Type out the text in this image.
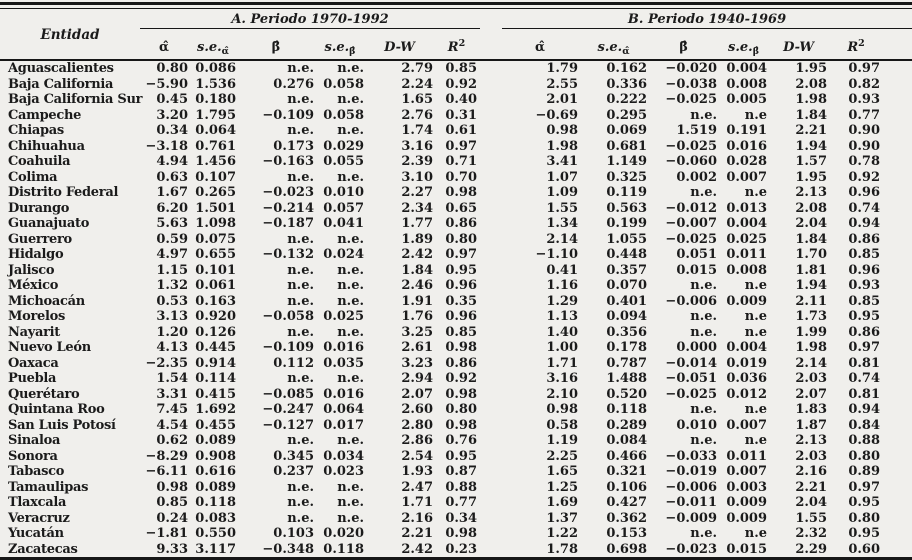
Entidad	A. Periodo 1970-1992							B. Periodo 1940-1969					
	α̂	$s.e._{\alphâ}$	β̂	$s.e._{\betâ}$	D-W	$R^2$		α̂	$s.e._{\alphâ}$	β̂	$s.e._{\betâ}$	D-W	$R^2$
Aguascalientes	0.80	0.086	n.e.	n.e.	2.79	0.85		1.79	0.162	−0.020	0.004	1.95	0.97
Baja California	−5.90	1.536	0.276	0.058	2.24	0.92		2.55	0.336	−0.038	0.008	2.08	0.82
Baja California Sur	0.45	0.180	n.e.	n.e.	1.65	0.40		2.01	0.222	−0.025	0.005	1.98	0.93
Campeche	3.20	1.795	−0.109	0.058	2.76	0.31		−0.69	0.295	n.e.	n.e	1.84	0.77
Chiapas	0.34	0.064	n.e.	n.e.	1.74	0.61		0.98	0.069	1.519	0.191	2.21	0.90
Chihuahua	−3.18	0.761	0.173	0.029	3.16	0.97		1.98	0.681	−0.025	0.016	1.94	0.90
Coahuila	4.94	1.456	−0.163	0.055	2.39	0.71		3.41	1.149	−0.060	0.028	1.57	0.78
Colima	0.63	0.107	n.e.	n.e.	3.10	0.70		1.07	0.325	0.002	0.007	1.95	0.92
Distrito Federal	1.67	0.265	−0.023	0.010	2.27	0.98		1.09	0.119	n.e.	n.e	2.13	0.96
Durango	6.20	1.501	−0.214	0.057	2.34	0.65		1.55	0.563	−0.012	0.013	2.08	0.74
Guanajuato	5.63	1.098	−0.187	0.041	1.77	0.86		1.34	0.199	−0.007	0.004	2.04	0.94
Guerrero	0.59	0.075	n.e.	n.e.	1.89	0.80		2.14	1.055	−0.025	0.025	1.84	0.86
Hidalgo	4.97	0.655	−0.132	0.024	2.42	0.97		−1.10	0.448	0.051	0.011	1.70	0.85
Jalisco	1.15	0.101	n.e.	n.e.	1.84	0.95		0.41	0.357	0.015	0.008	1.81	0.96
México	1.32	0.061	n.e.	n.e.	2.46	0.96		1.16	0.070	n.e.	n.e	1.94	0.93
Michoacán	0.53	0.163	n.e.	n.e.	1.91	0.35		1.29	0.401	−0.006	0.009	2.11	0.85
Morelos	3.13	0.920	−0.058	0.025	1.76	0.96		1.13	0.094	n.e.	n.e	1.73	0.95
Nayarit	1.20	0.126	n.e.	n.e.	3.25	0.85		1.40	0.356	n.e.	n.e	1.99	0.86
Nuevo León	4.13	0.445	−0.109	0.016	2.61	0.98		1.00	0.178	0.000	0.004	1.98	0.97
Oaxaca	−2.35	0.914	0.112	0.035	3.23	0.86		1.71	0.787	−0.014	0.019	2.14	0.81
Puebla	1.54	0.114	n.e.	n.e.	2.94	0.92		3.16	1.488	−0.051	0.036	2.03	0.74
Querétaro	3.31	0.415	−0.085	0.016	2.07	0.98		2.10	0.520	−0.025	0.012	2.07	0.81
Quintana Roo	7.45	1.692	−0.247	0.064	2.60	0.80		0.98	0.118	n.e.	n.e	1.83	0.94
San Luis Potosí	4.54	0.455	−0.127	0.017	2.80	0.98		0.58	0.289	0.010	0.007	1.87	0.84
Sinaloa	0.62	0.089	n.e.	n.e.	2.86	0.76		1.19	0.084	n.e.	n.e	2.13	0.88
Sonora	−8.29	0.908	0.345	0.034	2.54	0.95		2.25	0.466	−0.033	0.011	2.03	0.80
Tabasco	−6.11	0.616	0.237	0.023	1.93	0.87		1.65	0.321	−0.019	0.007	2.16	0.89
Tamaulipas	0.98	0.089	n.e.	n.e.	2.47	0.88		1.25	0.106	−0.006	0.003	2.21	0.97
Tlaxcala	0.85	0.118	n.e.	n.e.	1.71	0.77		1.69	0.427	−0.011	0.009	2.04	0.95
Veracruz	0.24	0.083	n.e.	n.e.	2.16	0.34		1.37	0.362	−0.009	0.009	1.55	0.80
Yucatán	−1.81	0.550	0.103	0.020	2.21	0.98		1.22	0.153	n.e.	n.e	2.32	0.95
Zacatecas	9.33	3.117	−0.348	0.118	2.42	0.23		1.78	0.698	−0.023	0.015	2.29	0.60
